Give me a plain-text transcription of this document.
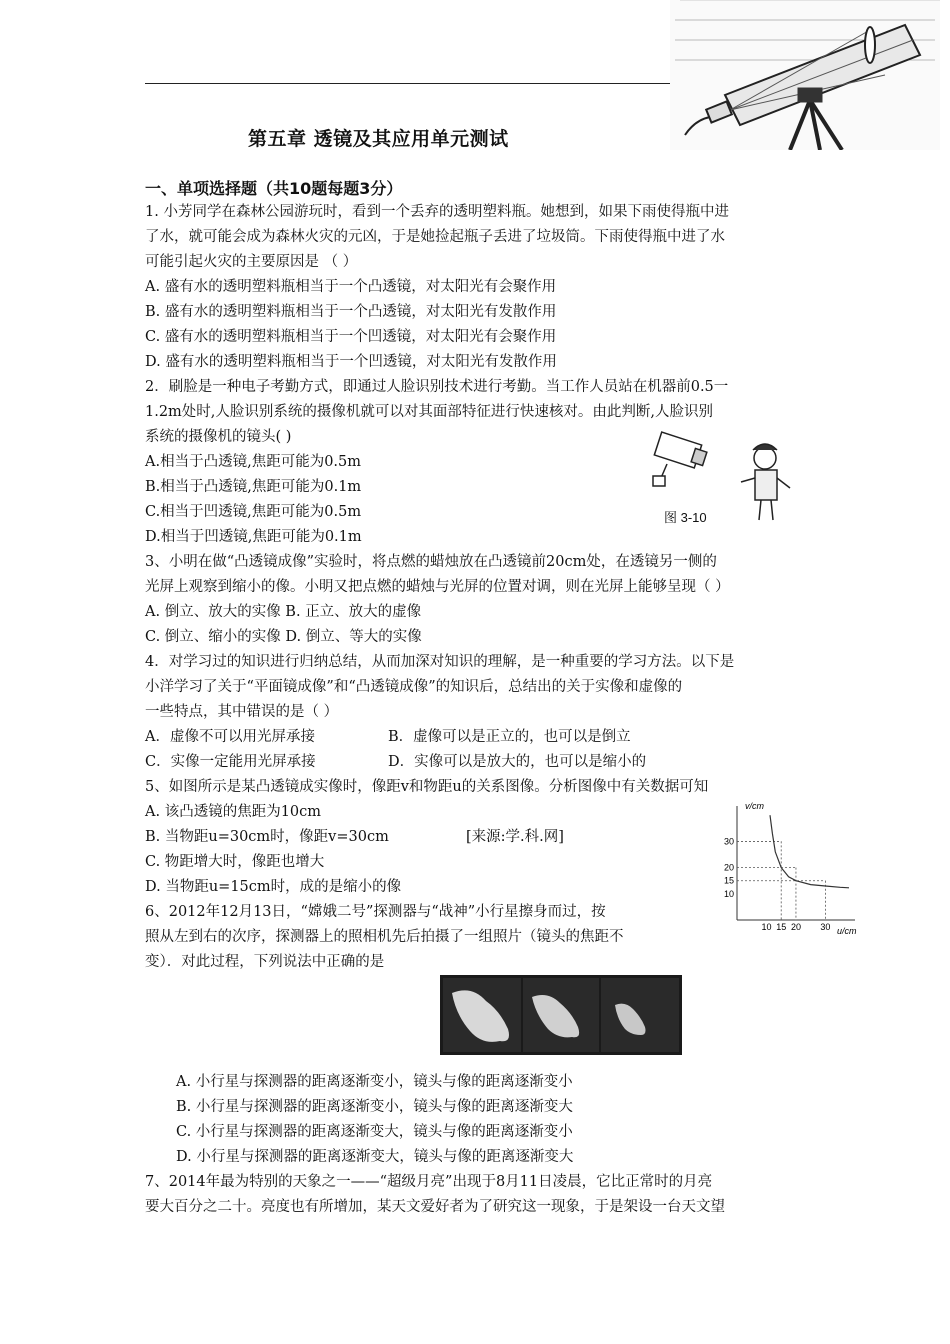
第五章 透镜及其应用单元测试
一、单项选择题（共10题每题3分）
1. 小芳同学在森林公园游玩时，看到一个丢弃的透明塑料瓶。她想到，如果下雨使得瓶中进
了水，就可能会成为森林火灾的元凶，于是她捡起瓶子丢进了垃圾筒。下雨使得瓶中进了水
可能引起火灾的主要原因是 （ ）
A. 盛有水的透明塑料瓶相当于一个凸透镜，对太阳光有会聚作用
B. 盛有水的透明塑料瓶相当于一个凸透镜，对太阳光有发散作用
C. 盛有水的透明塑料瓶相当于一个凹透镜，对太阳光有会聚作用
D. 盛有水的透明塑料瓶相当于一个凹透镜，对太阳光有发散作用
2．刷脸是一种电子考勤方式，即通过人脸识别技术进行考勤。当工作人员站在机器前0.5一
1.2m处时,人脸识别系统的摄像机就可以对其面部特征进行快速核对。由此判断,人脸识别
系统的摄像机的镜头( )
A.相当于凸透镜,焦距可能为0.5m
B.相当于凸透镜,焦距可能为0.1m
C.相当于凹透镜,焦距可能为0.5m
D.相当于凹透镜,焦距可能为0.1m
图 3-10
3、小明在做“凸透镜成像”实验时，将点燃的蜡烛放在凸透镜前20cm处，在透镜另一侧的
光屏上观察到缩小的像。小明又把点燃的蜡烛与光屏的位置对调，则在光屏上能够呈现（ ）
A. 倒立、放大的实像 B. 正立、放大的虚像
C. 倒立、缩小的实像 D. 倒立、等大的实像
4．对学习过的知识进行归纳总结，从而加深对知识的理解，是一种重要的学习方法。以下是
小洋学习了关于“平面镜成像”和“凸透镜成像”的知识后，总结出的关于实像和虚像的
一些特点，其中错误的是（ ）
A．虚像不可以用光屏承接	B．虚像可以是正立的，也可以是倒立
C．实像一定能用光屏承接	D．实像可以是放大的，也可以是缩小的
5、如图所示是某凸透镜成实像时，像距v和物距u的关系图像。分析图像中有关数据可知
A. 该凸透镜的焦距为10cm
B. 当物距u=30cm时，像距v=30cm	[来源:学.科.网]
C. 物距增大时，像距也增大
D. 当物距u=15cm时，成的是缩小的像
10 15 20 30
30
20
15
10
v/cm
u/cm
6、2012年12月13日，“嫦娥二号”探测器与“战神”小行星擦身而过，按
照从左到右的次序，探测器上的照相机先后拍摄了一组照片（镜头的焦距不
变）．对此过程，下列说法中正确的是
A. 小行星与探测器的距离逐渐变小，镜头与像的距离逐渐变小
B. 小行星与探测器的距离逐渐变小，镜头与像的距离逐渐变大
C. 小行星与探测器的距离逐渐变大，镜头与像的距离逐渐变小
D. 小行星与探测器的距离逐渐变大，镜头与像的距离逐渐变大
7、2014年最为特别的天象之一——“超级月亮”出现于8月11日凌晨，它比正常时的月亮
要大百分之二十。亮度也有所增加，某天文爱好者为了研究这一现象，于是架设一台天文望
